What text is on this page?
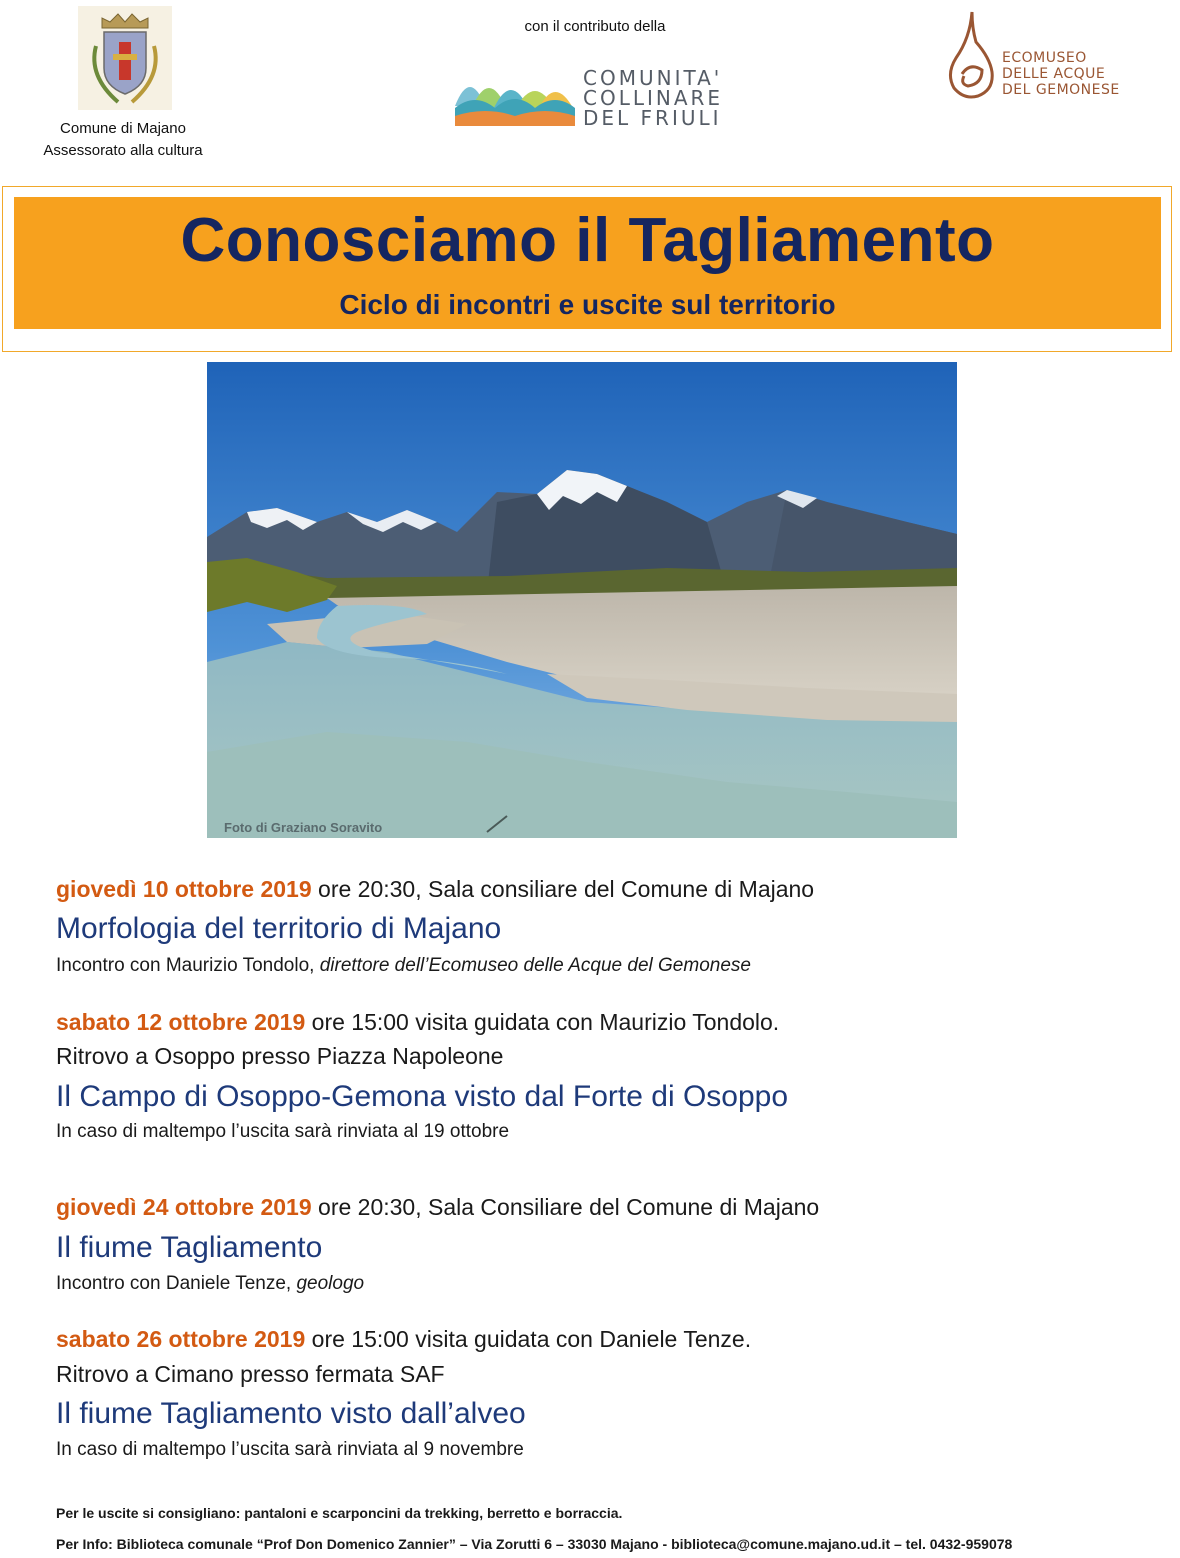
Comune di Majano
Assessorato alla cultura
con il contributo della
COMUNITA'
COLLINARE
DEL FRIULI
ECOMUSEO
DELLE ACQUE
DEL GEMONESE
Conosciamo il Tagliamento
Ciclo di incontri e uscite sul territorio
Foto di Graziano Soravito
giovedì 10 ottobre 2019 ore 20:30, Sala consiliare del Comune di Majano
Morfologia del territorio di Majano
Incontro con Maurizio Tondolo, direttore dell’Ecomuseo delle Acque del Gemonese
sabato 12 ottobre 2019 ore 15:00 visita guidata con Maurizio Tondolo.
Ritrovo a Osoppo presso Piazza Napoleone
Il Campo di Osoppo-Gemona visto dal Forte di Osoppo
In caso di maltempo l’uscita sarà rinviata al 19 ottobre
giovedì 24 ottobre 2019 ore 20:30, Sala Consiliare del Comune di Majano
Il fiume Tagliamento
Incontro con Daniele Tenze, geologo
sabato 26 ottobre 2019 ore 15:00 visita guidata con Daniele Tenze.
Ritrovo a Cimano presso fermata SAF
Il fiume Tagliamento visto dall’alveo
In caso di maltempo l’uscita sarà rinviata al 9 novembre
Per le uscite si consigliano: pantaloni e scarponcini da trekking, berretto e borraccia.
Per Info: Biblioteca comunale “Prof Don Domenico Zannier” – Via Zorutti 6 – 33030 Majano - biblioteca@comune.majano.ud.it – tel. 0432-959078
